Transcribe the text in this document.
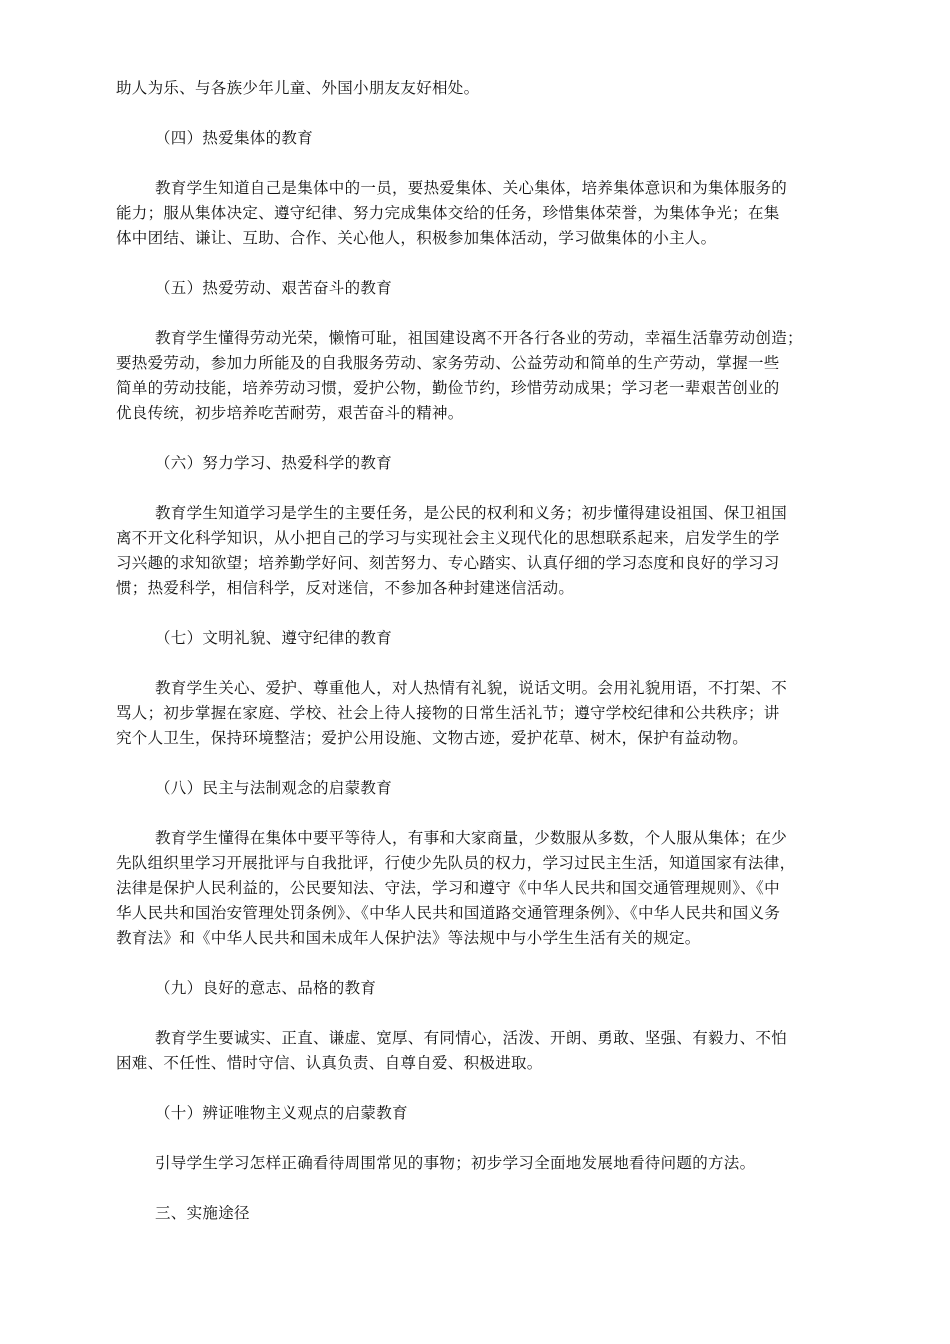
助人为乐、与各族少年儿童、外国小朋友友好相处。

（四）热爱集体的教育

教育学生知道自己是集体中的一员，要热爱集体、关心集体，培养集体意识和为集体服务的
能力；服从集体决定、遵守纪律、努力完成集体交给的任务，珍惜集体荣誉，为集体争光；在集
体中团结、谦让、互助、合作、关心他人，积极参加集体活动，学习做集体的小主人。

（五）热爱劳动、艰苦奋斗的教育

教育学生懂得劳动光荣，懒惰可耻，祖国建设离不开各行各业的劳动，幸福生活靠劳动创造；
要热爱劳动，参加力所能及的自我服务劳动、家务劳动、公益劳动和简单的生产劳动，掌握一些
简单的劳动技能，培养劳动习惯，爱护公物，勤俭节约，珍惜劳动成果；学习老一辈艰苦创业的
优良传统，初步培养吃苦耐劳，艰苦奋斗的精神。

（六）努力学习、热爱科学的教育

教育学生知道学习是学生的主要任务，是公民的权利和义务；初步懂得建设祖国、保卫祖国
离不开文化科学知识，从小把自己的学习与实现社会主义现代化的思想联系起来，启发学生的学
习兴趣的求知欲望；培养勤学好问、刻苦努力、专心踏实、认真仔细的学习态度和良好的学习习
惯；热爱科学，相信科学，反对迷信，不参加各种封建迷信活动。

（七）文明礼貌、遵守纪律的教育

教育学生关心、爱护、尊重他人，对人热情有礼貌，说话文明。会用礼貌用语，不打架、不
骂人；初步掌握在家庭、学校、社会上待人接物的日常生活礼节；遵守学校纪律和公共秩序；讲
究个人卫生，保持环境整洁；爱护公用设施、文物古迹，爱护花草、树木，保护有益动物。

（八）民主与法制观念的启蒙教育

教育学生懂得在集体中要平等待人，有事和大家商量，少数服从多数，个人服从集体；在少
先队组织里学习开展批评与自我批评，行使少先队员的权力，学习过民主生活，知道国家有法律，
法律是保护人民利益的，公民要知法、守法，学习和遵守《中华人民共和国交通管理规则》、《中
华人民共和国治安管理处罚条例》、《中华人民共和国道路交通管理条例》、《中华人民共和国义务
教育法》和《中华人民共和国未成年人保护法》等法规中与小学生生活有关的规定。

（九）良好的意志、品格的教育

教育学生要诚实、正直、谦虚、宽厚、有同情心，活泼、开朗、勇敢、坚强、有毅力、不怕
困难、不任性、惜时守信、认真负责、自尊自爱、积极进取。

（十）辨证唯物主义观点的启蒙教育

引导学生学习怎样正确看待周围常见的事物；初步学习全面地发展地看待问题的方法。

三、实施途径
